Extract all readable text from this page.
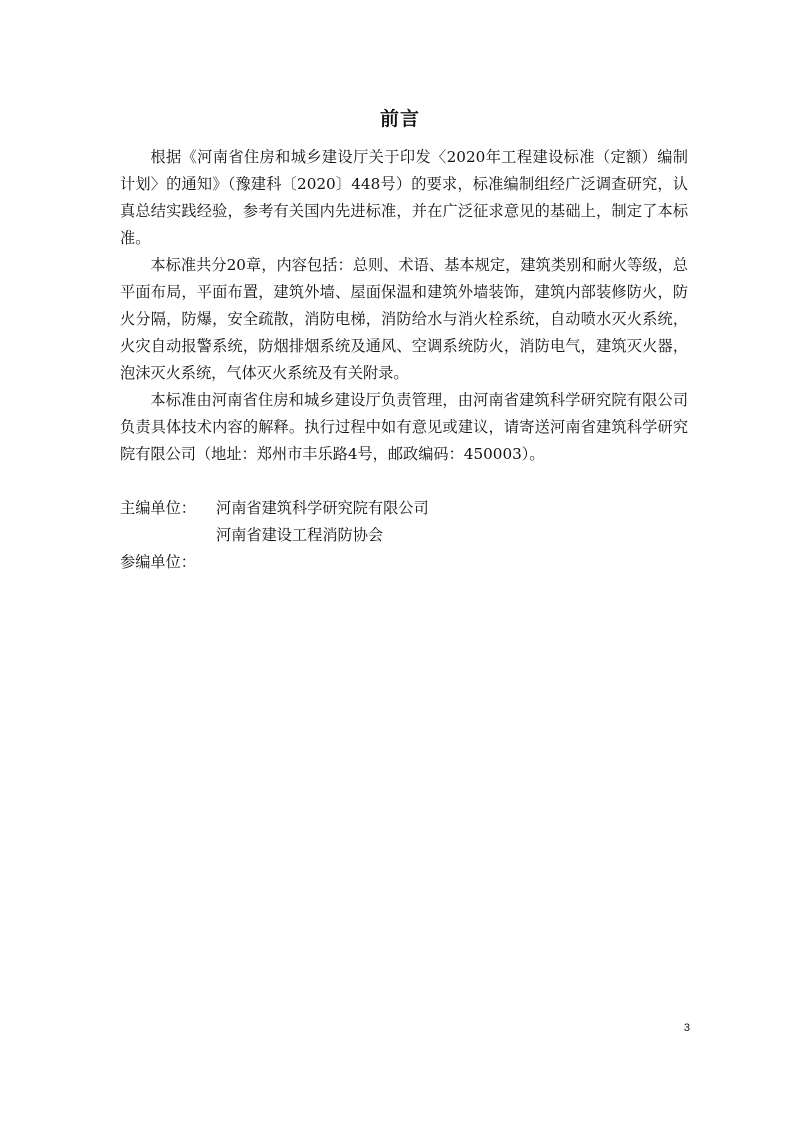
前言

根据《河南省住房和城乡建设厅关于印发〈2020年工程建设标准（定额）编制计划〉的通知》（豫建科〔2020〕448号）的要求，标准编制组经广泛调查研究，认真总结实践经验，参考有关国内先进标准，并在广泛征求意见的基础上，制定了本标准。

本标准共分20章，内容包括：总则、术语、基本规定，建筑类别和耐火等级，总平面布局，平面布置，建筑外墙、屋面保温和建筑外墙装饰，建筑内部装修防火，防火分隔，防爆，安全疏散，消防电梯，消防给水与消火栓系统，自动喷水灭火系统，火灾自动报警系统，防烟排烟系统及通风、空调系统防火，消防电气，建筑灭火器，泡沫灭火系统，气体灭火系统及有关附录。

本标准由河南省住房和城乡建设厅负责管理，由河南省建筑科学研究院有限公司负责具体技术内容的解释。执行过程中如有意见或建议，请寄送河南省建筑科学研究院有限公司（地址：郑州市丰乐路4号，邮政编码：450003）。

主编单位：	河南省建筑科学研究院有限公司
河南省建设工程消防协会
参编单位：
3
